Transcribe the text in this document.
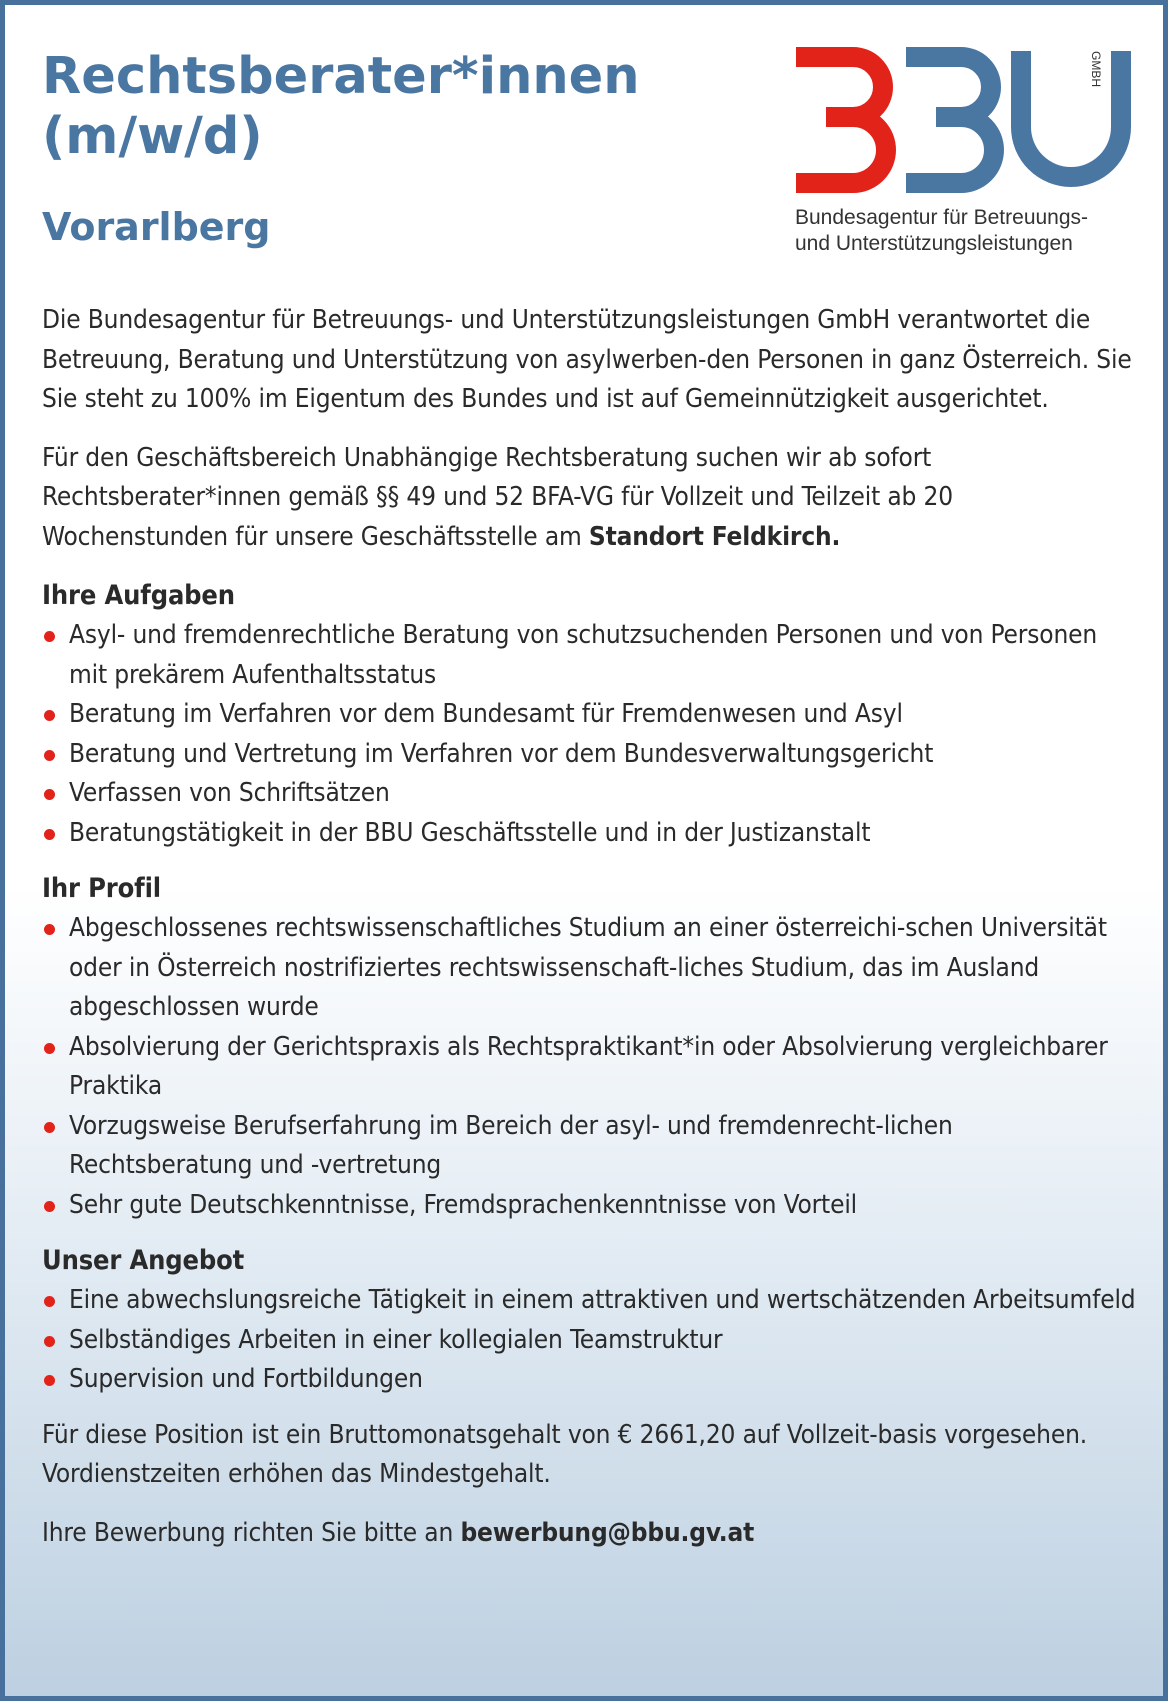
Rechtsberater*innen
(m/w/d)
Vorarlberg
GMBH
Bundesagentur für Betreuungs-
und Unterstützungsleistungen

Die Bundesagentur für Betreuungs- und Unterstützungsleistungen GmbH verantwortet die Betreuung, Beratung und Unterstützung von asylwerben-den Personen in ganz Österreich. Sie Sie steht zu 100% im Eigentum des Bundes und ist auf Gemeinnützigkeit ausgerichtet.

Für den Geschäftsbereich Unabhängige Rechtsberatung suchen wir ab sofort Rechtsberater*innen gemäß §§ 49 und 52 BFA-VG für Vollzeit und Teilzeit ab 20 Wochenstunden für unsere Geschäftsstelle am Standort Feldkirch.

Ihre Aufgaben
Asyl- und fremdenrechtliche Beratung von schutzsuchenden Personen und von Personen mit prekärem Aufenthaltsstatus
Beratung im Verfahren vor dem Bundesamt für Fremdenwesen und Asyl
Beratung und Vertretung im Verfahren vor dem Bundesverwaltungsgericht
Verfassen von Schriftsätzen
Beratungstätigkeit in der BBU Geschäftsstelle und in der Justizanstalt
Ihr Profil
Abgeschlossenes rechtswissenschaftliches Studium an einer österreichi-schen Universität oder in Österreich nostrifiziertes rechtswissenschaft-liches Studium, das im Ausland abgeschlossen wurde
Absolvierung der Gerichtspraxis als Rechtspraktikant*in oder Absolvierung vergleichbarer Praktika
Vorzugsweise Berufserfahrung im Bereich der asyl- und fremdenrecht-lichen Rechtsberatung und -vertretung
Sehr gute Deutschkenntnisse, Fremdsprachenkenntnisse von Vorteil
Unser Angebot
Eine abwechslungsreiche Tätigkeit in einem attraktiven und wertschätzenden Arbeitsumfeld
Selbständiges Arbeiten in einer kollegialen Teamstruktur
Supervision und Fortbildungen

Für diese Position ist ein Bruttomonatsgehalt von € 2661,20 auf Vollzeit-basis vorgesehen. Vordienstzeiten erhöhen das Mindestgehalt.

Ihre Bewerbung richten Sie bitte an bewerbung@bbu.gv.at
